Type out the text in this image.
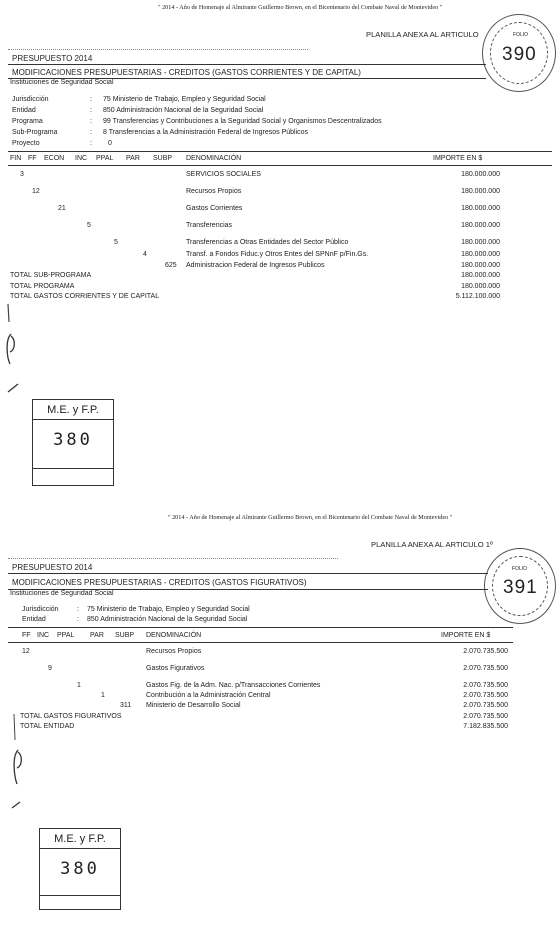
" 2014 - Año de Homenaje al Almirante Guillermo Brown, en el Bicentenario del Combate Naval de Montevideo "
PLANILLA ANEXA AL ARTICULO	FOLIO
390
PRESUPUESTO 2014
MODIFICACIONES PRESUPUESTARIAS - CREDITOS (GASTOS CORRIENTES Y DE CAPITAL)
Instituciones de Seguridad Social
Jurisdicción	: 75 Ministerio de Trabajo, Empleo y Seguridad Social
Entidad	: 850 Administración Nacional de la Seguridad Social
Programa	: 99 Transferencias y Contribuciones a la Seguridad Social y Organismos Descentralizados
Sub-Programa	: 8 Transferencias a la Administración Federal de Ingresos Públicos
Proyecto	: 0
FIN FF ECON INC PPAL PAR SUBP DENOMINACIÓN	IMPORTE EN $
3	SERVICIOS SOCIALES	180.000.000
12	Recursos Propios	180.000.000
21	Gastos Corrientes	180.000.000
5	Transferencias	180.000.000
5	Transferencias a Otras Entidades del Sector Público	180.000.000
4	Transf. a Fondos Fiduc.y Otros Entes del SPNnF p/Fin.Gs.	180.000.000
625 Administracion Federal de Ingresos Publicos	180.000.000
TOTAL SUB-PROGRAMA	180.000.000
TOTAL PROGRAMA	180.000.000
TOTAL GASTOS CORRIENTES Y DE CAPITAL	5.112.100.000
M.E. y F.P.
380
" 2014 - Año de Homenaje al Almirante Guillermo Brown, en el Bicentenario del Combate Naval de Montevideo "
PLANILLA ANEXA AL ARTICULO 1º
FOLIO
391
PRESUPUESTO 2014
MODIFICACIONES PRESUPUESTARIAS - CREDITOS (GASTOS FIGURATIVOS)
Instituciones de Seguridad Social
Jurisdicción	: 75 Ministerio de Trabajo, Empleo y Seguridad Social
Entidad	: 850 Administración Nacional de la Seguridad Social
FF INC PPAL PAR SUBP DENOMINACIÓN	IMPORTE EN $
12	Recursos Propios	2.070.735.500
9	Gastos Figurativos	2.070.735.500
1	Gastos Fig. de la Adm. Nac. p/Transacciones Corrientes	2.070.735.500
1	Contribución a la Administración Central	2.070.735.500
311 Ministerio de Desarrollo Social	2.070.735.500
TOTAL GASTOS FIGURATIVOS	2.070.735.500
TOTAL ENTIDAD	7.182.835.500
M.E. y F.P.
380
